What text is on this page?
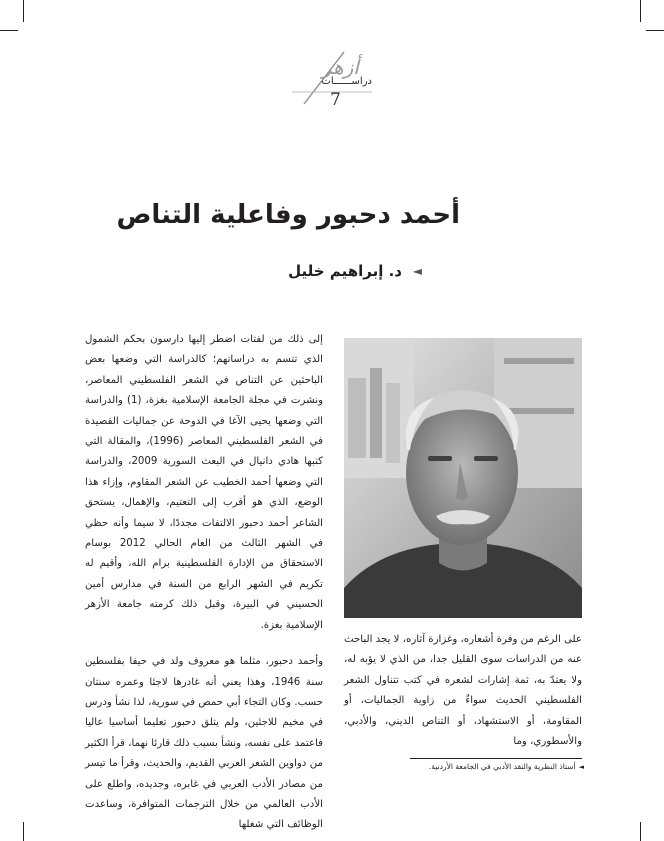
أزهر
دراســــــات
7
أحمد دحبور وفاعلية التناص
د. إبراهيم خليل ◄

إلى ذلك من لفتات اضطر إليها دارسون بحكم الشمول الذي تتسم به دراساتهم؛ كالدراسة التي وضعها بعض الباحثين عن التناص في الشعر الفلسطيني المعاصر، ونشرت في مجلة الجامعة الإسلامية بغزة، (1) والدراسة التي وضعها يحيى الآغا في الدوحة عن جماليات القصيدة في الشعر الفلسطيني المعاصر (1996)، والمقالة التي كتبها هادي دانيال في البعث السورية 2009، والدراسة التي وضعها أحمد الخطيب عن الشعر المقاوم، وإزاء هذا الوضع، الذي هو أقرب إلى التعتيم، والإهمال، يستحق الشاعر أحمد دحبور الالتفات مجددًا، لا سيما وأنه حظي في الشهر الثالث من العام الحالي 2012 بوسام الاستحقاق من الإدارة الفلسطينية برام الله، وأقيم له تكريم في الشهر الرابع من السنة في مدارس أمين الحسيني في البيرة، وقبل ذلك كرمته جامعة الأزهر الإسلامية بغزة.

وأحمد دحبور، مثلما هو معروف ولد في حيفا بفلسطين سنة 1946، وهذا يعني أنه غادرها لاجئا وعمره سنتان حسب. وكان التجاء أبي حمص في سورية، لذا نشأ ودرس في مخيم للاجئين، ولم يتلق دحبور تعليما أساسيا عاليا فاعتمد على نفسه، ونشأ بسبب ذلك قارئا نهما، قرأ الكثير من دواوين الشعر العربي القديم، والحديث، وقرأ ما تيسر من مصادر الأدب العربي في غابره، وجديده، واطلع على الأدب العالمي من خلال الترجمات المتوافرة، وساعدت الوظائف التي شغلها

على الرغم من وفرة أشعاره، وغزارة آثاره، لا يجد الباحث عنه من الدراسات سوى القليل جدا، من الذي لا يؤبه له، ولا يعتدّ به، ثمة إشارات لشعره في كتب تتناول الشعر الفلسطيني الحديث سواءٌ من زاوية الجماليات، أو المقاومة، أو الاستشهاد، أو التناص الديني، والأدبي، والأسطوري، وما

◄أستاذ النظرية والنقد الأدبي في الجامعة الأردنية.
